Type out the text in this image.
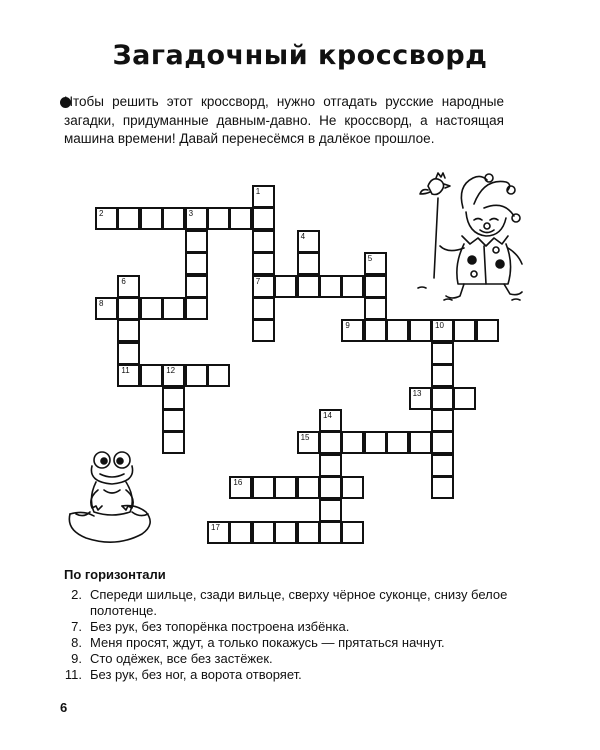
Загадочный кроссворд
Чтобы решить этот кроссворд, нужно отгадать русские народные загадки, придуманные давным-давно. Не кроссворд, а настоящая машина времени! Давай перенесёмся в далёкое прошлое.
2	3
1
7
4
5
6
11
8
9	10
12
13
14
15
16
17
По горизонтали
2. Спереди шильце, сзади вильце, сверху чёрное суконце, снизу белое полотенце.
7. Без рук, без топорёнка построена избёнка.
8. Меня просят, ждут, а только покажусь — прятаться начнут.
9. Сто одёжек, все без застёжек.
11. Без рук, без ног, а ворота отворяет.
6
